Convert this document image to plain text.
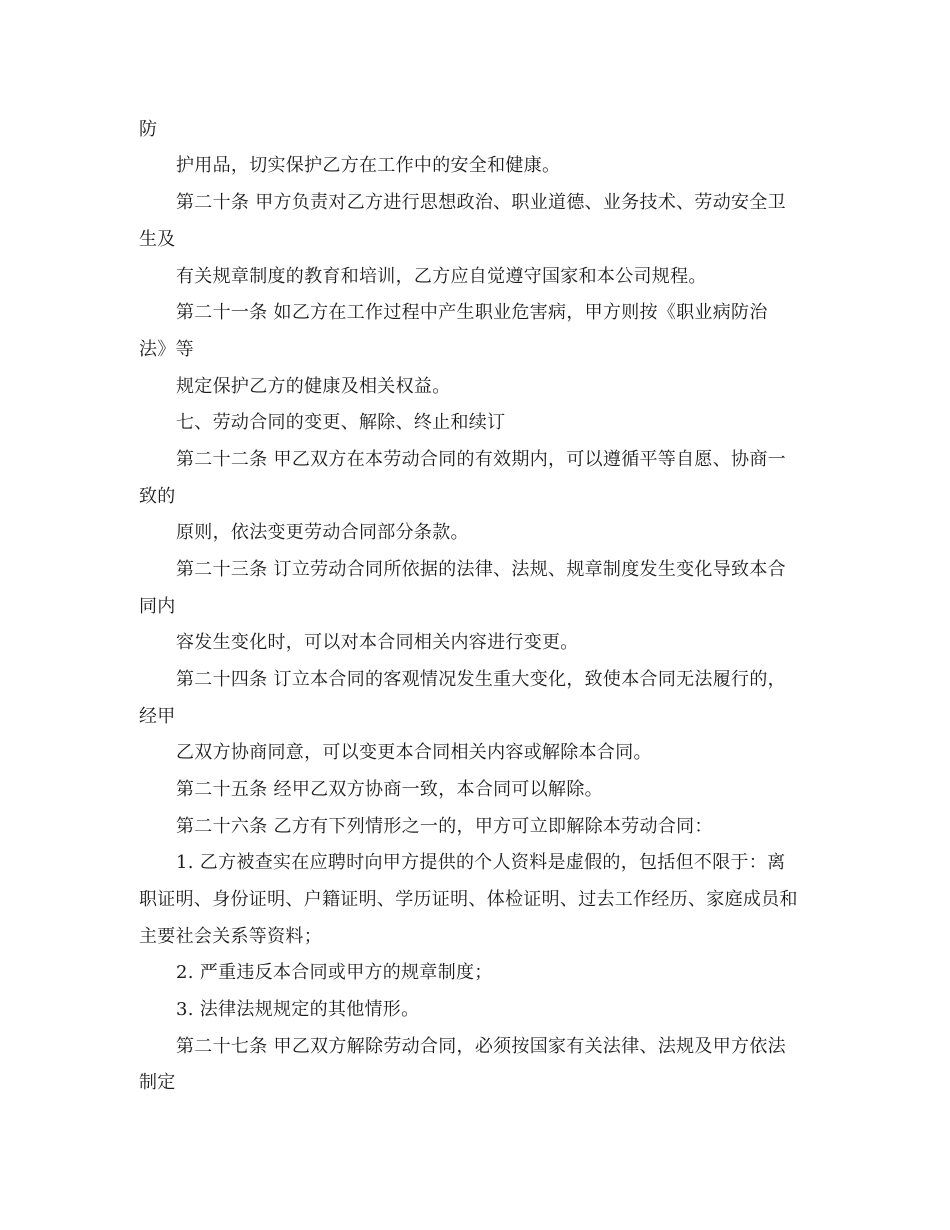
防
护用品，切实保护乙方在工作中的安全和健康。
第二十条 甲方负责对乙方进行思想政治、职业道德、业务技术、劳动安全卫
生及
有关规章制度的教育和培训，乙方应自觉遵守国家和本公司规程。
第二十一条 如乙方在工作过程中产生职业危害病，甲方则按《职业病防治
法》等
规定保护乙方的健康及相关权益。
七、劳动合同的变更、解除、终止和续订
第二十二条 甲乙双方在本劳动合同的有效期内，可以遵循平等自愿、协商一
致的
原则，依法变更劳动合同部分条款。
第二十三条 订立劳动合同所依据的法律、法规、规章制度发生变化导致本合
同内
容发生变化时，可以对本合同相关内容进行变更。
第二十四条 订立本合同的客观情况发生重大变化，致使本合同无法履行的，
经甲
乙双方协商同意，可以变更本合同相关内容或解除本合同。
第二十五条 经甲乙双方协商一致，本合同可以解除。
第二十六条 乙方有下列情形之一的，甲方可立即解除本劳动合同：
1. 乙方被查实在应聘时向甲方提供的个人资料是虚假的，包括但不限于：离
职证明、身份证明、户籍证明、学历证明、体检证明、过去工作经历、家庭成员和
主要社会关系等资料；
2. 严重违反本合同或甲方的规章制度；
3. 法律法规规定的其他情形。
第二十七条 甲乙双方解除劳动合同，必须按国家有关法律、法规及甲方依法
制定
